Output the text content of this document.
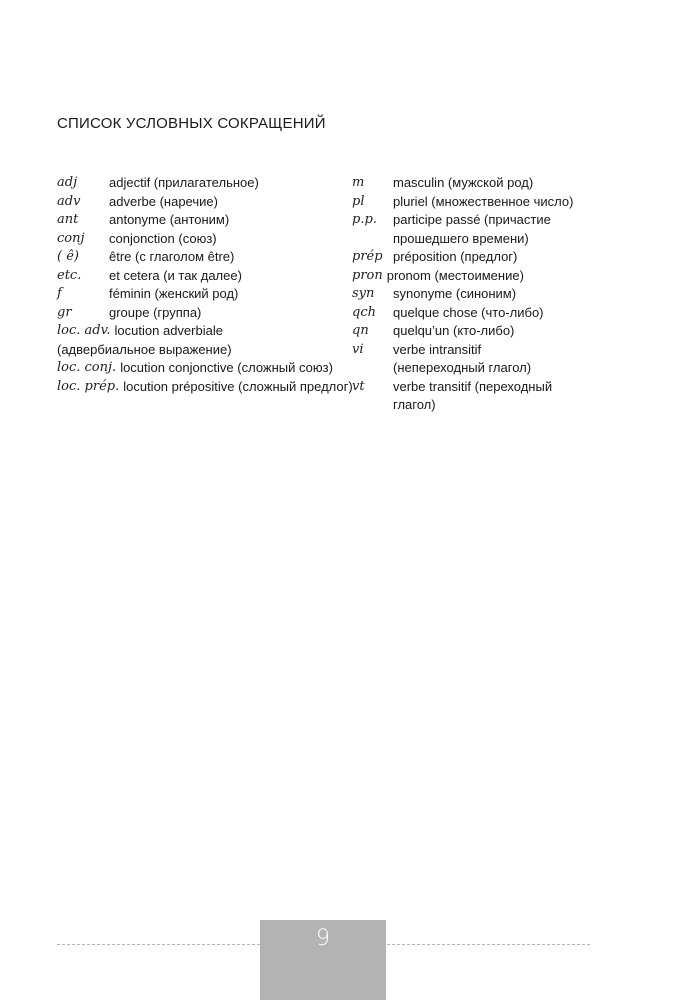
СПИСОК УСЛОВНЫХ СОКРАЩЕНИЙ
adj	adjectif (прилагательное)
adv	adverbe (наречие)
ant	antonyme (антоним)
conj	conjonction (союз)
( ê)	être (с глаголом être)
etc.	et cetera (и так далее)
f	féminin (женский род)
gr	groupe (группа)
loc. adv. locution adverbiale
(адвербиальное выражение)
loc. conj. locution conjonctive (сложный союз)
loc. prép. locution prépositive (сложный предлог)
m	masculin (мужской род)
pl	pluriel (множественное число)
p.p.	participe passé (причастие
прошедшего времени)
prép préposition (предлог)
pron pronom (местоимение)
syn	synonyme (синоним)
qch	quelque chose (что-либо)
qn	quelqu’un (кто-либо)
vi	verbe intransitif
(непереходный глагол)
vt	verbe transitif (переходный
глагол)
9
